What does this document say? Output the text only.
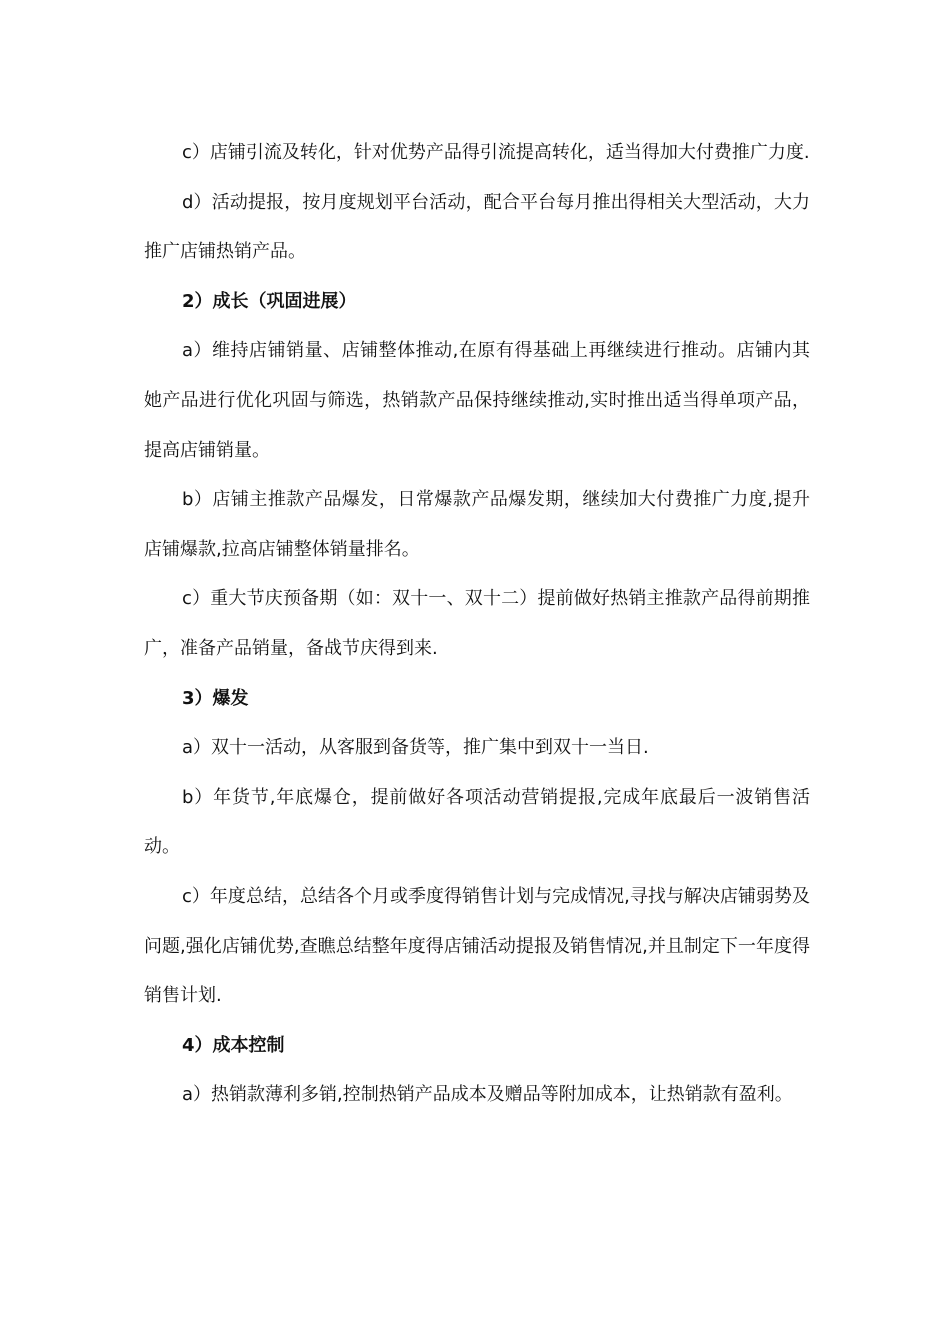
c）店铺引流及转化，针对优势产品得引流提高转化，适当得加大付费推广力度.

d）活动提报，按月度规划平台活动，配合平台每月推出得相关大型活动，大力推广店铺热销产品。

2）成长（巩固进展）

a）维持店铺销量、店铺整体推动,在原有得基础上再继续进行推动。店铺内其她产品进行优化巩固与筛选，热销款产品保持继续推动,实时推出适当得单项产品，提高店铺销量。

b）店铺主推款产品爆发，日常爆款产品爆发期，继续加大付费推广力度,提升店铺爆款,拉高店铺整体销量排名。

c）重大节庆预备期（如：双十一、双十二）提前做好热销主推款产品得前期推广，准备产品销量，备战节庆得到来.

3）爆发

a）双十一活动，从客服到备货等，推广集中到双十一当日.

b）年货节,年底爆仓，提前做好各项活动营销提报,完成年底最后一波销售活动。

c）年度总结，总结各个月或季度得销售计划与完成情况,寻找与解决店铺弱势及问题,强化店铺优势,查瞧总结整年度得店铺活动提报及销售情况,并且制定下一年度得销售计划.

4）成本控制

a）热销款薄利多销,控制热销产品成本及赠品等附加成本，让热销款有盈利。
